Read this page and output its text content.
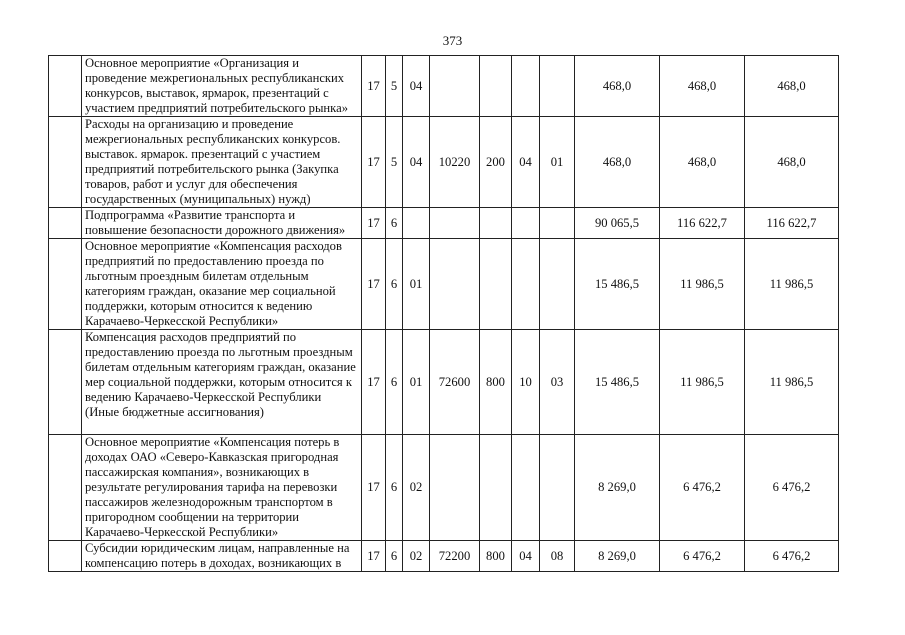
373
	Основное мероприятие «Организация и проведение межрегиональных республиканских конкурсов, выставок, ярмарок, презентаций с участием предприятий потребительского рынка»	17	5	04					468,0	468,0	468,0
	Расходы на организацию и проведение межрегиональных республиканских конкурсов. выставок. ярмарок. презентаций с участием предприятий потребительского рынка (Закупка товаров, работ и услуг для обеспечения государственных (муниципальных) нужд)	17	5	04	10220	200	04	01	468,0	468,0	468,0
	Подпрограмма «Развитие транспорта и повышение безопасности дорожного движения»	17	6						90 065,5	116 622,7	116 622,7
	Основное мероприятие «Компенсация расходов предприятий по предоставлению проезда по льготным проездным билетам отдельным категориям граждан, оказание мер социальной поддержки, которым относится к ведению Карачаево-Черкесской Республики»	17	6	01					15 486,5	11 986,5	11 986,5
	Компенсация расходов предприятий по предоставлению проезда по льготным проездным билетам отдельным категориям граждан, оказание мер социальной поддержки, которым относится к ведению Карачаево-Черкесской Республики (Иные бюджетные ассигнования)	17	6	01	72600	800	10	03	15 486,5	11 986,5	11 986,5
	Основное мероприятие «Компенсация потерь в доходах ОАО «Северо-Кавказская пригородная пассажирская компания», возникающих в результате регулирования тарифа на перевозки пассажиров железнодорожным транспортом в пригородном сообщении на территории Карачаево-Черкесской Республики»	17	6	02					8 269,0	6 476,2	6 476,2
	Субсидии юридическим лицам, направленные на компенсацию потерь в доходах, возникающих в	17	6	02	72200	800	04	08	8 269,0	6 476,2	6 476,2
